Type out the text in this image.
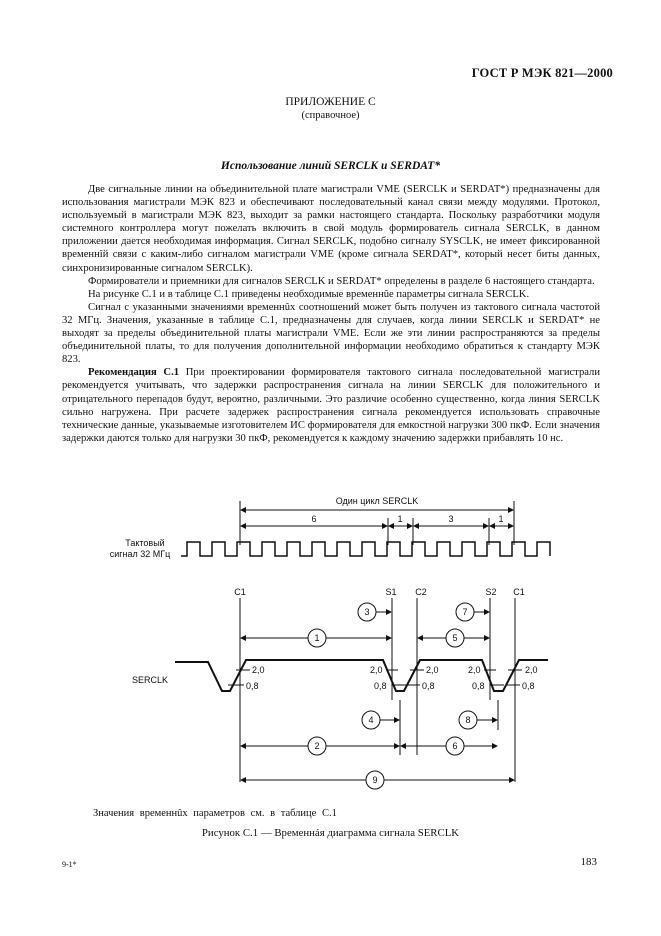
ГОСТ Р МЭК 821—2000
ПРИЛОЖЕНИЕ С
(справочное)
Использование линий SERCLK и SERDAT*

Две сигнальные линии на объединительной плате магистрали VME (SERCLK и SERDAT*) предназначены для использования магистрали МЭК 823 и обеспечивают последовательный канал связи между модулями. Протокол, используемый в магистрали МЭК 823, выходит за рамки настоящего стандарта. Поскольку разработчики модуля системного контроллера могут пожелать включить в свой модуль формирователь сигнала SERCLK, в данном приложении дается необходимая информация. Сигнал SERCLK, подобно сигналу SYSCLK, не имеет фиксированной временнîй связи с каким-либо сигналом магистрали VME (кроме сигнала SERDAT*, который несет биты данных, синхронизированные сигналом SERCLK).

Формирователи и приемники для сигналов SERCLK и SERDAT* определены в разделе 6 настоящего стандарта.

На рисунке С.1 и в таблице С.1 приведены необходимые временнûе параметры сигнала SERCLK.

Сигнал с указанными значениями временнûх соотношений может быть получен из тактового сигнала частотой 32 МГц. Значения, указанные в таблице С.1, предназначены для случаев, когда линии SERCLK и SERDAT* не выходят за пределы объединительной платы магистрали VME. Если же эти линии распространяются за пределы объединительной платы, то для получения дополнительной информации необходимо обратиться к стандарту МЭК 823.

Рекомендация С.1 При проектировании формирователя тактового сигнала последовательной магистрали рекомендуется учитывать, что задержки распространения сигнала на линии SERCLK для положительного и отрицательного перепадов будут, вероятно, различными. Это различие особенно существенно, когда линия SERCLK сильно нагружена. При расчете задержек распространения сигнала рекомендуется использовать справочные технические данные, указываемые изготовителем ИС формирователя для емкостной нагрузки 300 пкФ. Если значения задержки даются только для нагрузки 30 пкФ, рекомендуется к каждому значению задержки прибавлять 10 нс.

Один цикл SERCLK
6	1	3	1
Тактовый
сигнал 32 МГц
C1	S1 C2	S2 C1
SERCLK
2,0
0,8
2,0
0,8
2,0
0,8
2,0
0,8
2,0
0,8
3
1
7
5
4	8
2	6
9
Значения временнûх параметров см. в таблице С.1
Рисунок С.1 — Временнáя диаграмма сигнала SERCLK
9-1*	183
